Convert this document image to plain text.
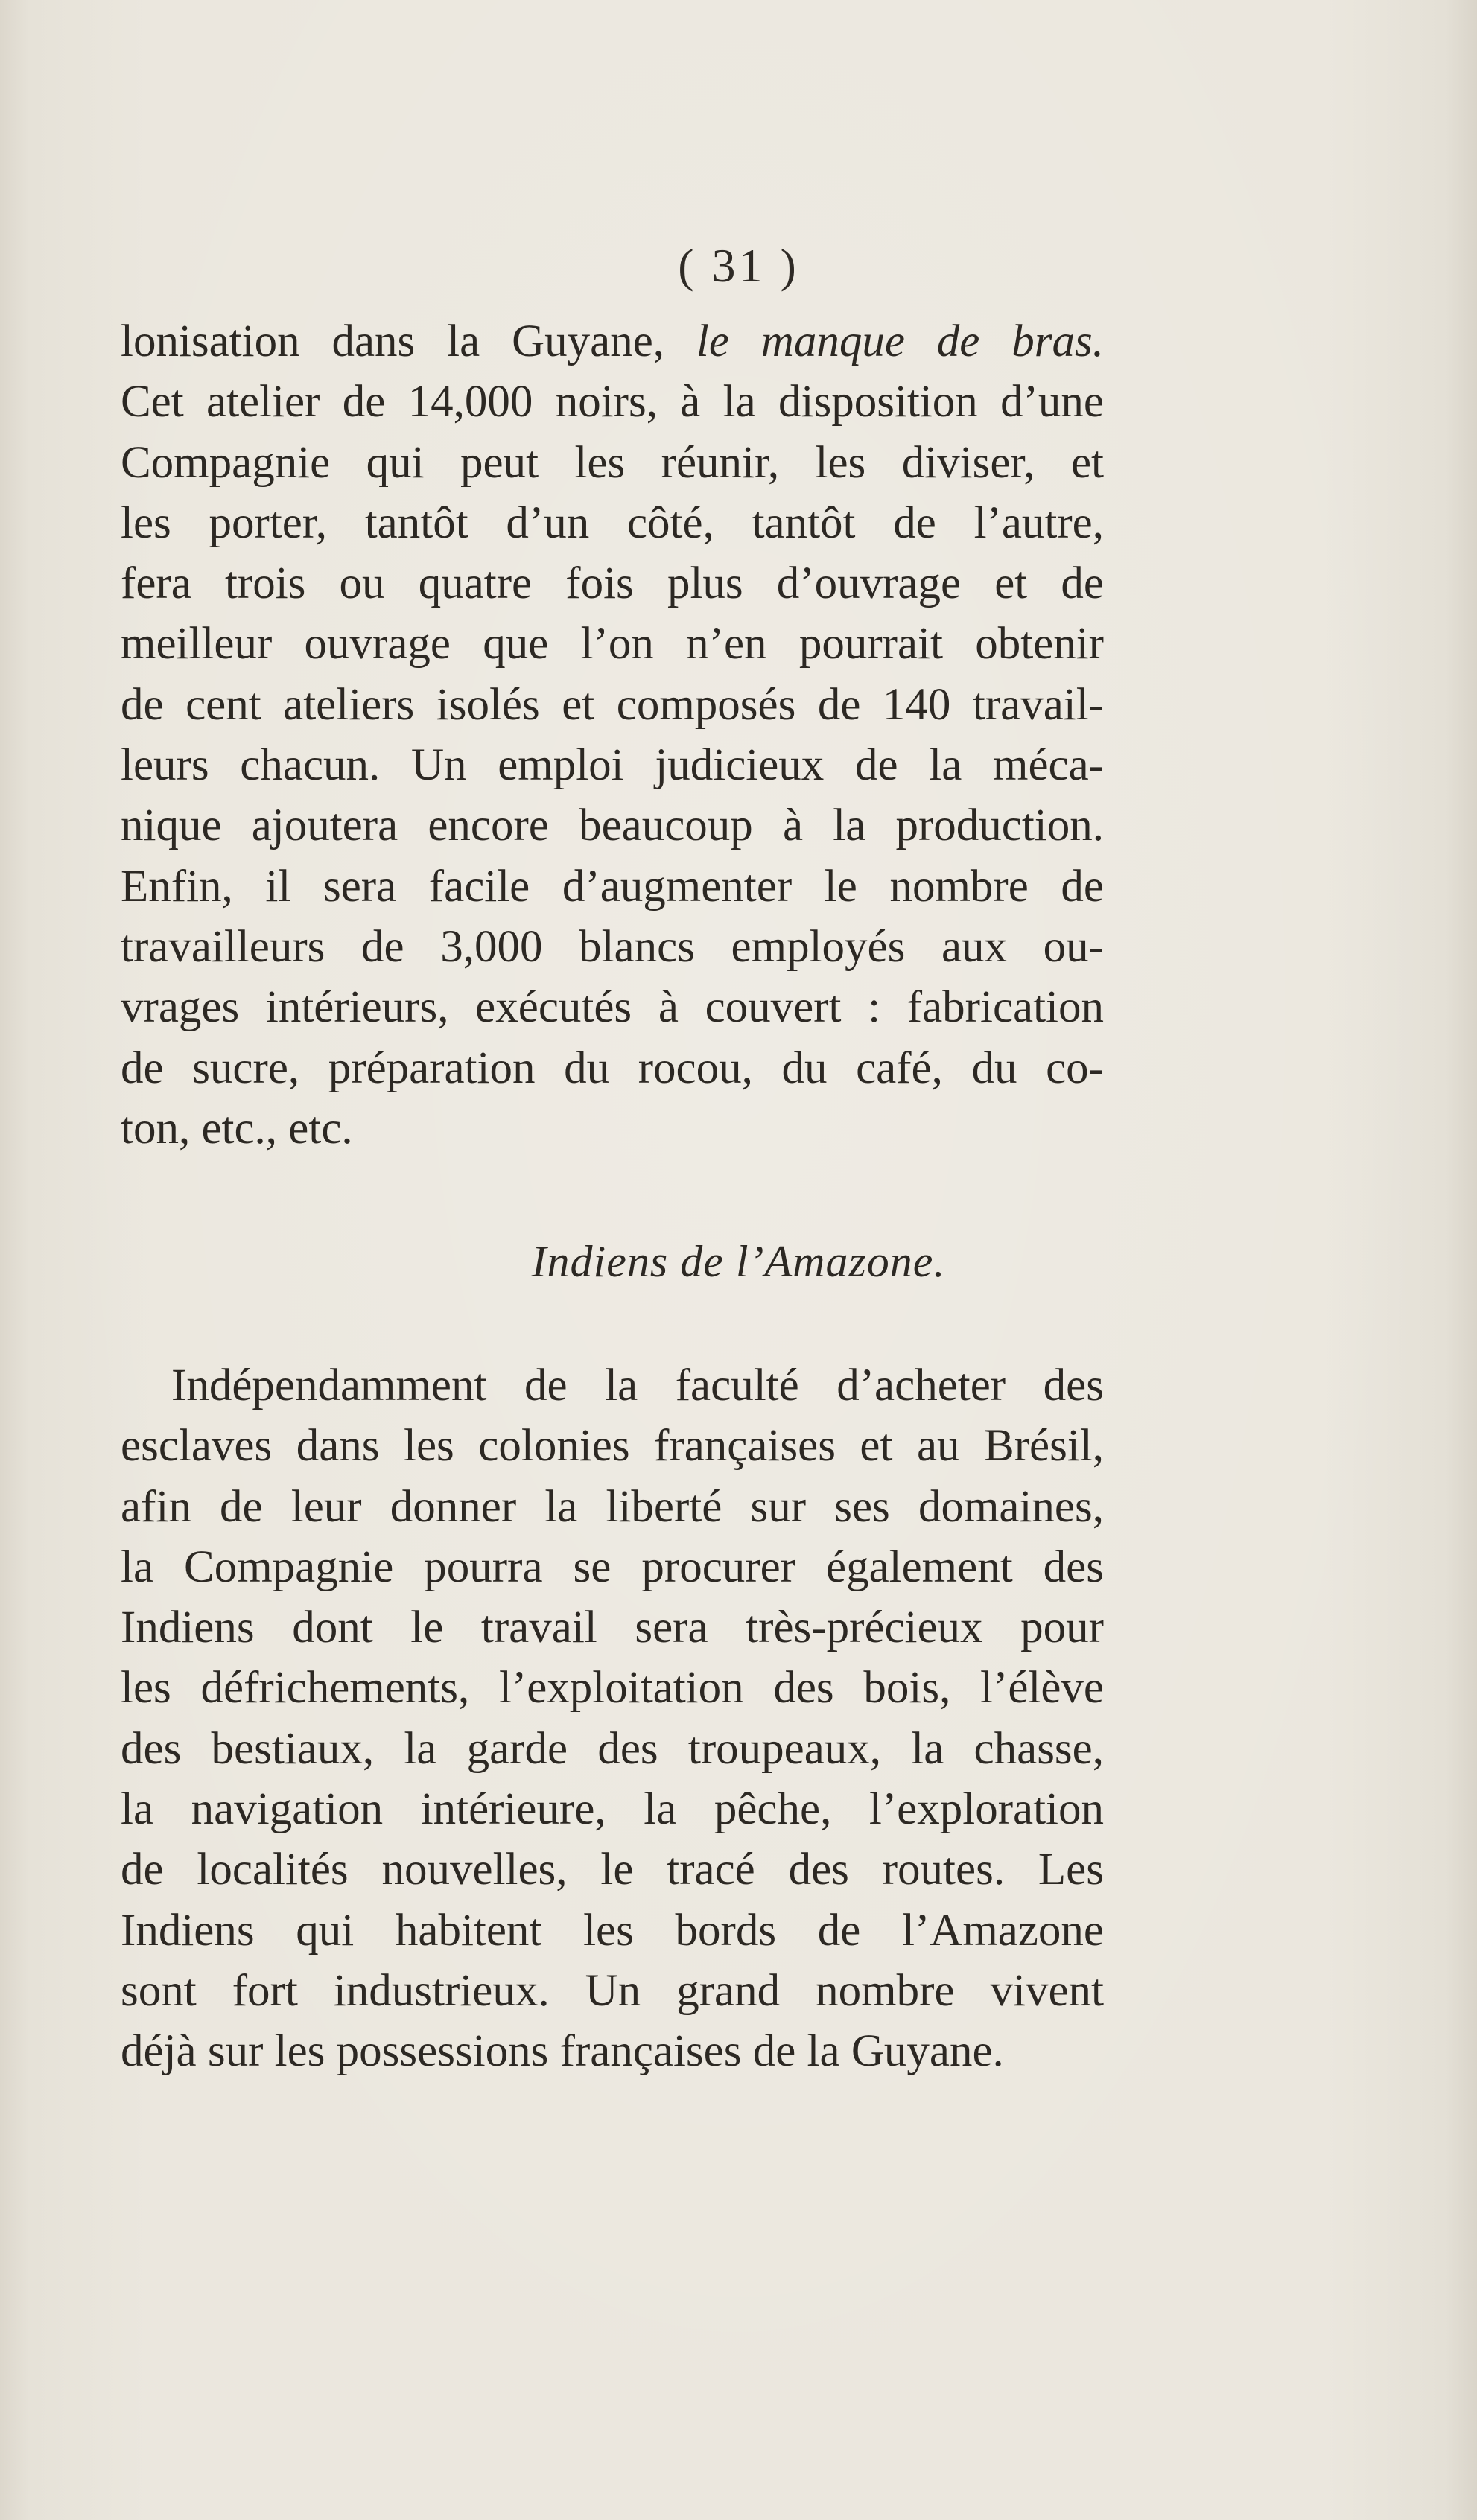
( 31 )
lonisation dans la Guyane, le manque de bras.
Cet atelier de 14,000 noirs, à la disposition d’une
Compagnie qui peut les réunir, les diviser, et
les porter, tantôt d’un côté, tantôt de l’autre,
fera trois ou quatre fois plus d’ouvrage et de
meilleur ouvrage que l’on n’en pourrait obtenir
de cent ateliers isolés et composés de 140 travail-
leurs chacun. Un emploi judicieux de la méca-
nique ajoutera encore beaucoup à la production.
Enfin, il sera facile d’augmenter le nombre de
travailleurs de 3,000 blancs employés aux ou-
vrages intérieurs, exécutés à couvert : fabrication
de sucre, préparation du rocou, du café, du co-
ton, etc., etc.
Indiens de l’Amazone.
Indépendamment de la faculté d’acheter des
esclaves dans les colonies françaises et au Brésil,
afin de leur donner la liberté sur ses domaines,
la Compagnie pourra se procurer également des
Indiens dont le travail sera très-précieux pour
les défrichements, l’exploitation des bois, l’élève
des bestiaux, la garde des troupeaux, la chasse,
la navigation intérieure, la pêche, l’exploration
de localités nouvelles, le tracé des routes. Les
Indiens qui habitent les bords de l’Amazone
sont fort industrieux. Un grand nombre vivent
déjà sur les possessions françaises de la Guyane.
